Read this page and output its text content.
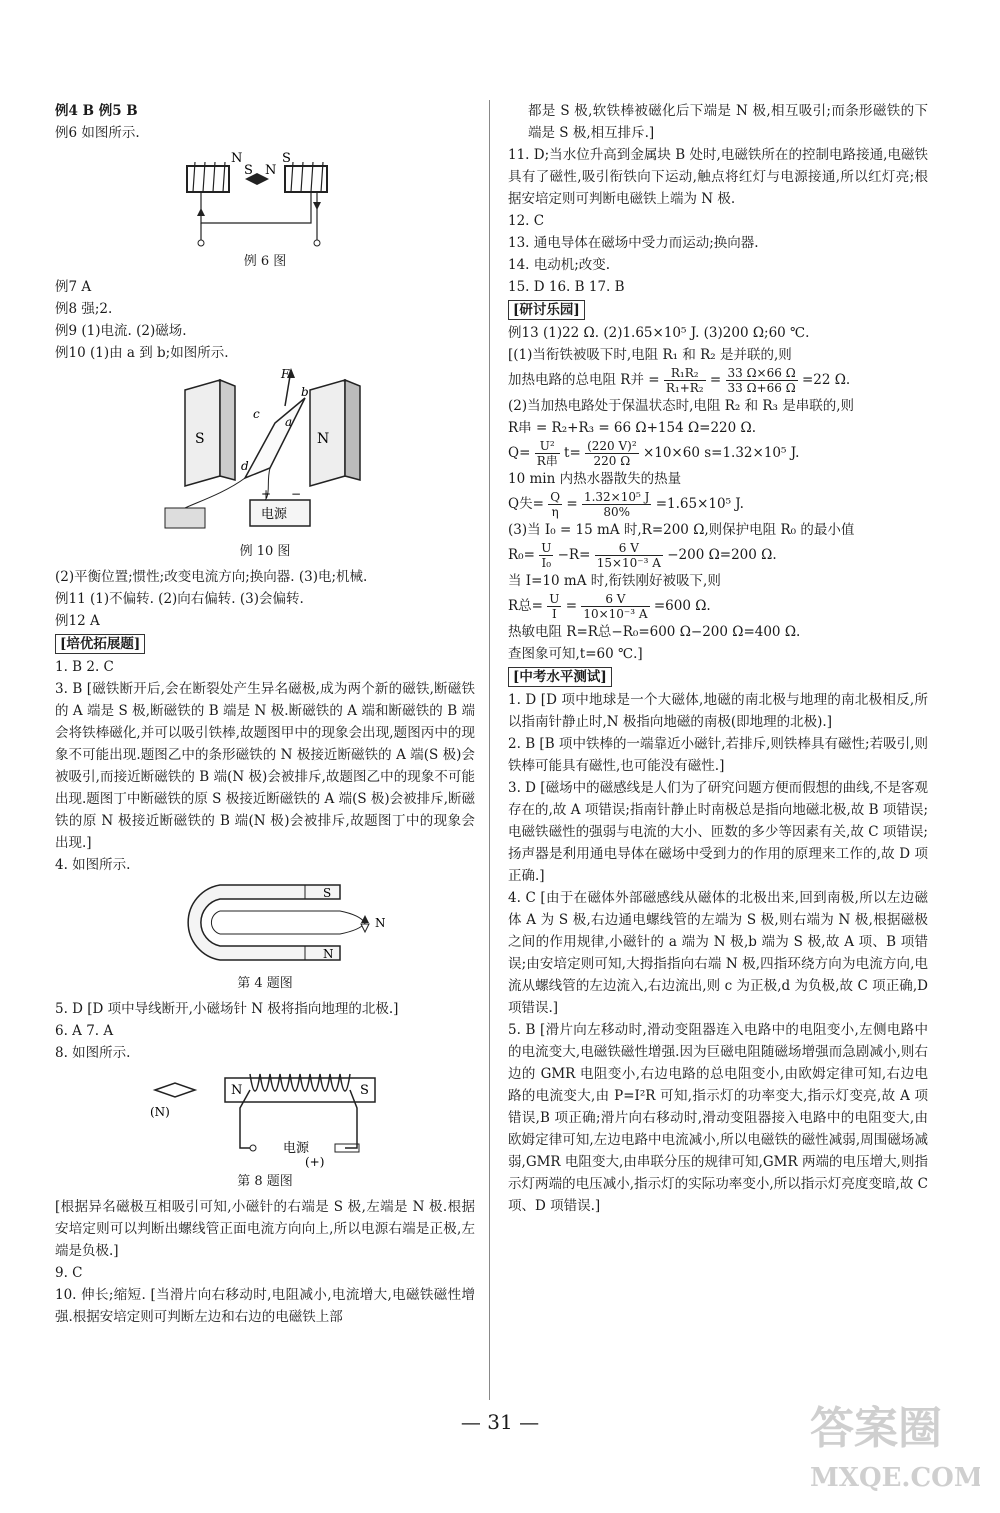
例4 B 例5 B

例6 如图所示.

N
S N
S

例 6 图

例7 A

例8 强;2.

例9 (1)电流. (2)磁场.

例10 (1)由 a 到 b;如图所示.

S	N
F
b
a
c
d
电源
+ −

例 10 图

(2)平衡位置;惯性;改变电流方向;换向器. (3)电;机械.

例11 (1)不偏转. (2)向右偏转. (3)会偏转.

例12 A

[培优拓展题]

1. B 2. C

3. B [磁铁断开后,会在断裂处产生异名磁极,成为两个新的磁铁,断磁铁的 A 端是 S 极,断磁铁的 B 端是 N 极.断磁铁的 A 端和断磁铁的 B 端会将铁棒磁化,并可以吸引铁棒,故题图甲中的现象会出现,题图丙中的现象不可能出现.题图乙中的条形磁铁的 N 极接近断磁铁的 A 端(S 极)会被吸引,而接近断磁铁的 B 端(N 极)会被排斥,故题图乙中的现象不可能出现.题图丁中断磁铁的原 S 极接近断磁铁的 A 端(S 极)会被排斥,断磁铁的原 N 极接近断磁铁的 B 端(N 极)会被排斥,故题图丁中的现象会出现.]

4. 如图所示.

S
N
N

第 4 题图

5. D [D 项中导线断开,小磁场针 N 极将指向地理的北极.]

6. A 7. A

8. 如图所示.

(N)
N	S
电源
(+)

第 8 题图

[根据异名磁极互相吸引可知,小磁针的右端是 S 极,左端是 N 极.根据安培定则可以判断出螺线管正面电流方向向上,所以电源右端是正极,左端是负极.]

9. C

10. 伸长;缩短. [当滑片向右移动时,电阻减小,电流增大,电磁铁磁性增强.根据安培定则可判断左边和右边的电磁铁上部

都是 S 极,软铁棒被磁化后下端是 N 极,相互吸引;而条形磁铁的下端是 S 极,相互排斥.]

11. D;当水位升高到金属块 B 处时,电磁铁所在的控制电路接通,电磁铁具有了磁性,吸引衔铁向下运动,触点将红灯与电源接通,所以红灯亮;根据安培定则可判断电磁铁上端为 N 极.

12. C

13. 通电导体在磁场中受力而运动;换向器.

14. 电动机;改变.

15. D 16. B 17. B

[研讨乐园]

例13 (1)22 Ω. (2)1.65×10⁵ J. (3)200 Ω;60 ℃.

[(1)当衔铁被吸下时,电阻 R₁ 和 R₂ 是并联的,则

加热电路的总电阻 R并 = $\frac{\text{R₁R₂}}{\text{R₁+R₂}} = \frac{33 \Omega\times 66 \Omega}{33 \Omega+66 \Omega} =22$ Ω.

(2)当加热电路处于保温状态时,电阻 R₂ 和 R₃ 是串联的,则

R串 = R₂+R₃ = 66 Ω+154 Ω=220 Ω.

$Q= \frac{\text{U²}}{\text{R串}} t= \frac{\text{(220 V)²}}{220 \Omega} \times 10\times 60$ s=1.32×10⁵ J.

10 min 内热水器散失的热量

Q失= $\frac{Q}{\eta} = \frac{\text{1.32×10⁵ J}}{80\%} =1.65\times 10^5$ J.

(3)当 I₀ = 15 mA 时,R=200 Ω,则保护电阻 R₀ 的最小值

$R_0= \frac{U}{\text{I₀}} -R= \frac{6 V}{\text{15×10⁻³ A}} -200$ Ω=200 Ω.

当 I=10 mA 时,衔铁刚好被吸下,则

R总= $\frac{U}{I} = \frac{6 V}{\text{10×10⁻³ A}} =600$ Ω.

热敏电阻 R=R总−R₀=600 Ω−200 Ω=400 Ω.

查图象可知,t=60 ℃.]

[中考水平测试]

1. D [D 项中地球是一个大磁体,地磁的南北极与地理的南北极相反,所以指南针静止时,N 极指向地磁的南极(即地理的北极).]

2. B [B 项中铁棒的一端靠近小磁针,若排斥,则铁棒具有磁性;若吸引,则铁棒可能具有磁性,也可能没有磁性.]

3. D [磁场中的磁感线是人们为了研究问题方便而假想的曲线,不是客观存在的,故 A 项错误;指南针静止时南极总是指向地磁北极,故 B 项错误;电磁铁磁性的强弱与电流的大小、匝数的多少等因素有关,故 C 项错误;扬声器是利用通电导体在磁场中受到力的作用的原理来工作的,故 D 项正确.]

4. C [由于在磁体外部磁感线从磁体的北极出来,回到南极,所以左边磁体 A 为 S 极,右边通电螺线管的左端为 S 极,则右端为 N 极,根据磁极之间的作用规律,小磁针的 a 端为 N 极,b 端为 S 极,故 A 项、B 项错误;由安培定则可知,大拇指指向右端 N 极,四指环绕方向为电流方向,电流从螺线管的左边流入,右边流出,则 c 为正极,d 为负极,故 C 项正确,D 项错误.]

5. B [滑片向左移动时,滑动变阻器连入电路中的电阻变小,左侧电路中的电流变大,电磁铁磁性增强.因为巨磁电阻随磁场增强而急剧减小,则右边的 GMR 电阻变小,右边电路的总电阻变小,由欧姆定律可知,右边电路的电流变大,由 P=I²R 可知,指示灯的功率变大,指示灯变亮,故 A 项错误,B 项正确;滑片向右移动时,滑动变阻器接入电路中的电阻变大,由欧姆定律可知,左边电路中电流减小,所以电磁铁的磁性减弱,周围磁场减弱,GMR 电阻变大,由串联分压的规律可知,GMR 两端的电压增大,则指示灯两端的电压减小,指示灯的实际功率变小,所以指示灯亮度变暗,故 C 项、D 项错误.]

— 31 —	答案圈
MXQE.COM
